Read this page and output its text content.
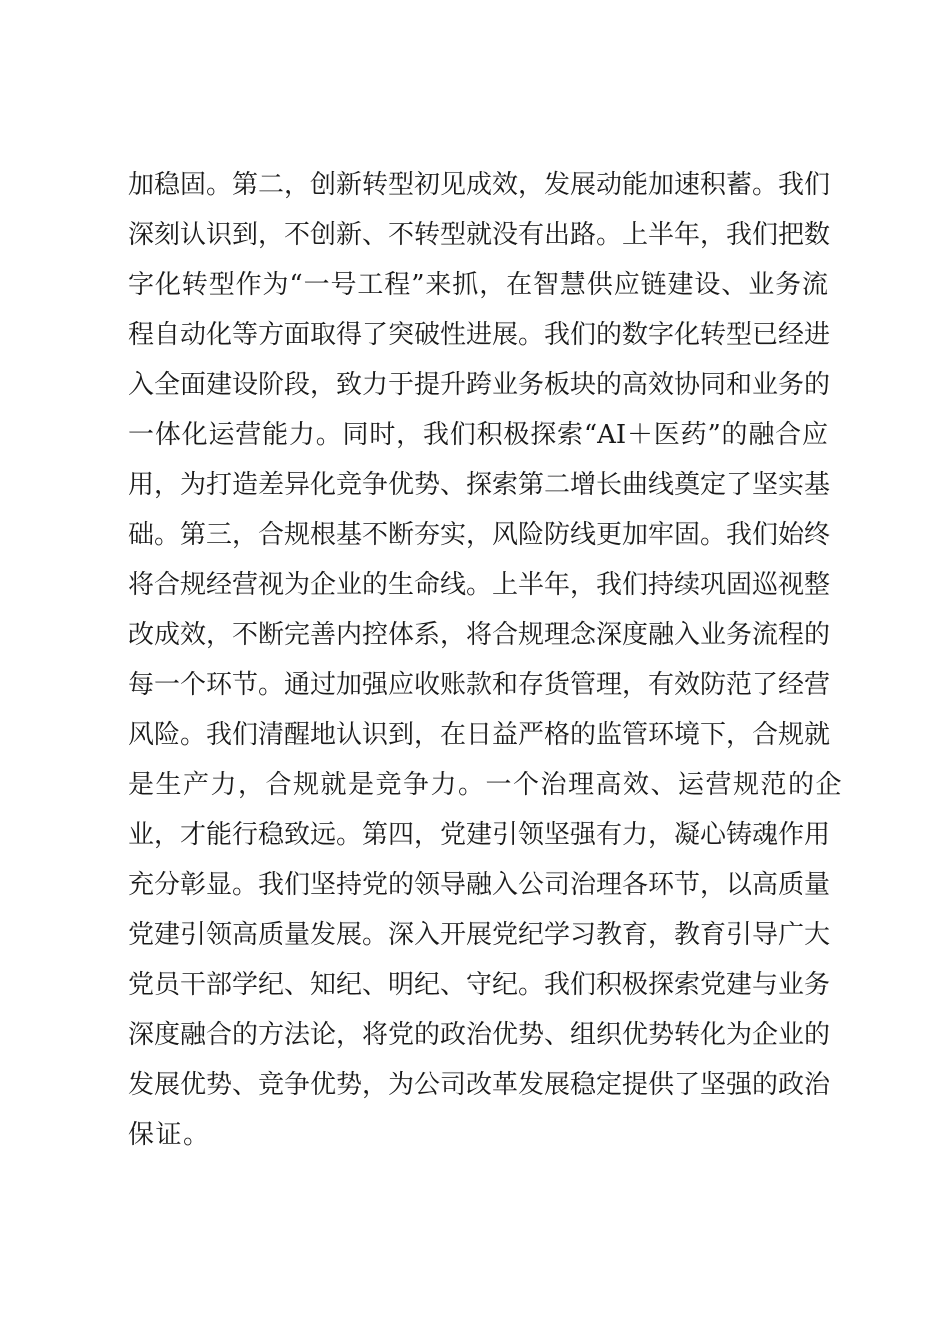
加稳固。第二，创新转型初见成效，发展动能加速积蓄。我们
深刻认识到，不创新、不转型就没有出路。上半年，我们把数
字化转型作为“一号工程”来抓，在智慧供应链建设、业务流
程自动化等方面取得了突破性进展。我们的数字化转型已经进
入全面建设阶段，致力于提升跨业务板块的高效协同和业务的
一体化运营能力。同时，我们积极探索“AI＋医药”的融合应
用，为打造差异化竞争优势、探索第二增长曲线奠定了坚实基
础。第三，合规根基不断夯实，风险防线更加牢固。我们始终
将合规经营视为企业的生命线。上半年，我们持续巩固巡视整
改成效，不断完善内控体系，将合规理念深度融入业务流程的
每一个环节。通过加强应收账款和存货管理，有效防范了经营
风险。我们清醒地认识到，在日益严格的监管环境下，合规就
是生产力，合规就是竞争力。一个治理高效、运营规范的企
业，才能行稳致远。第四，党建引领坚强有力，凝心铸魂作用
充分彰显。我们坚持党的领导融入公司治理各环节，以高质量
党建引领高质量发展。深入开展党纪学习教育，教育引导广大
党员干部学纪、知纪、明纪、守纪。我们积极探索党建与业务
深度融合的方法论，将党的政治优势、组织优势转化为企业的
发展优势、竞争优势，为公司改革发展稳定提供了坚强的政治
保证。
